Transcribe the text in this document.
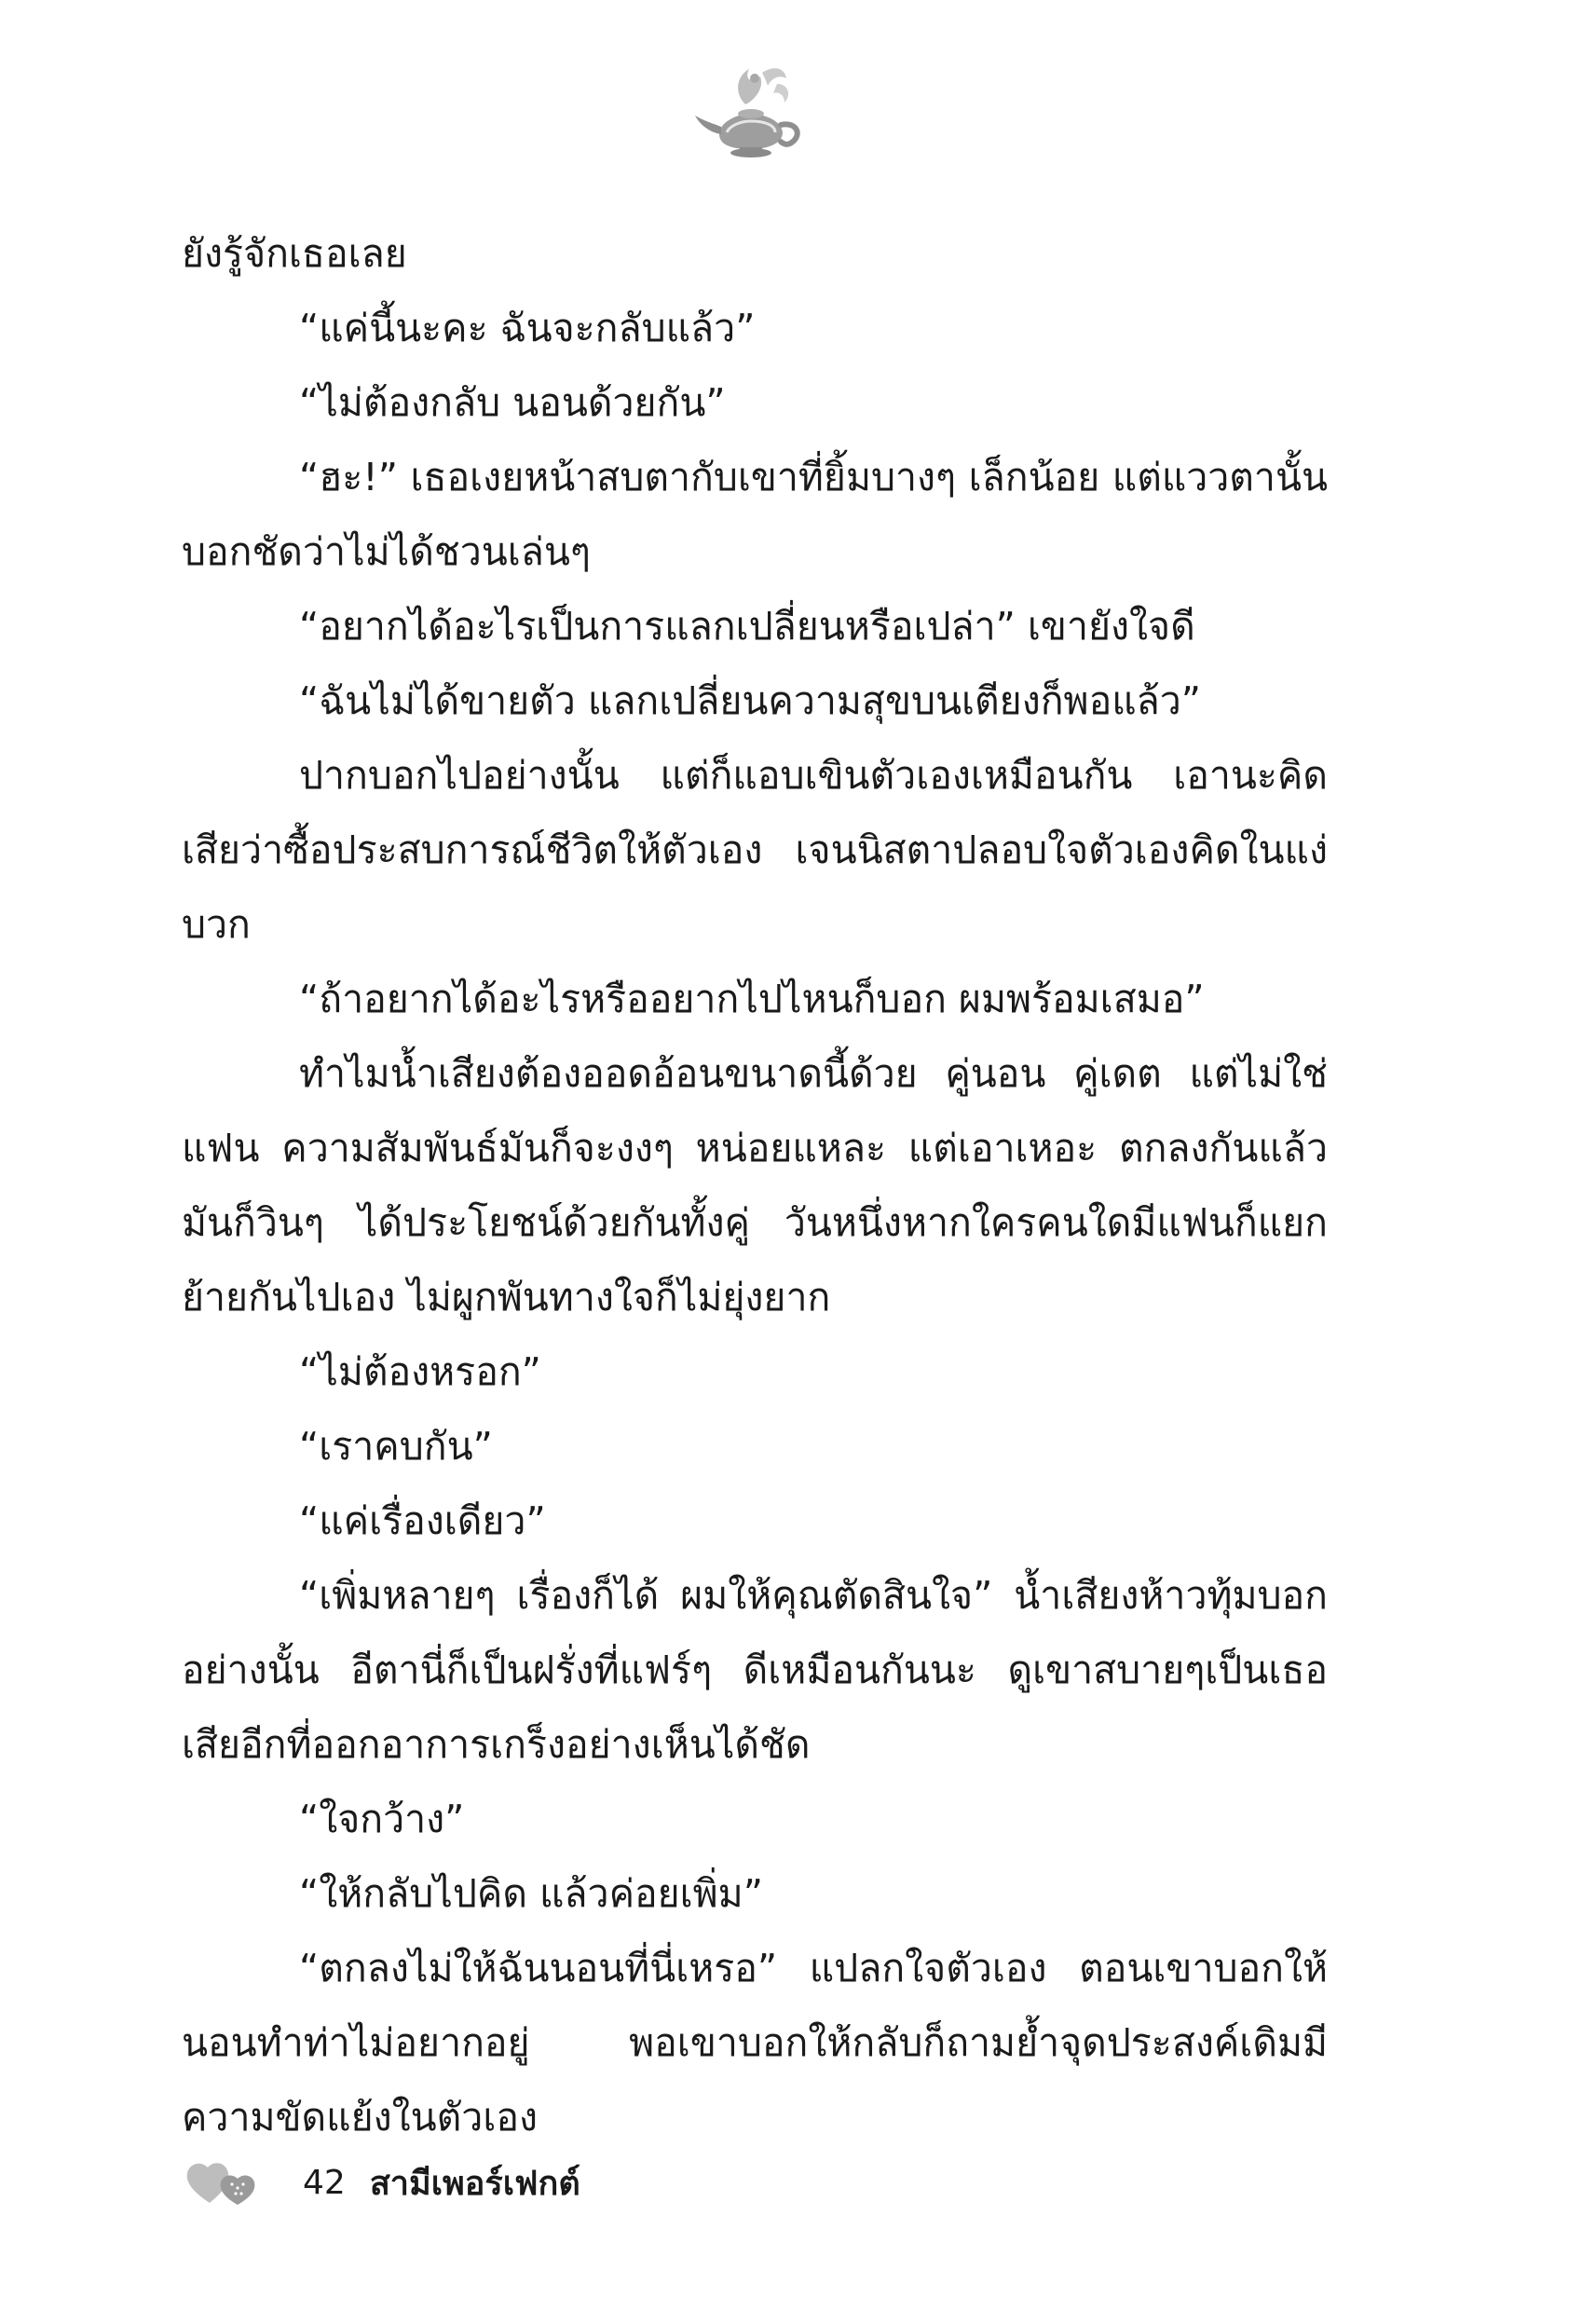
ยังรู้จักเธอเลย

“แค่นี้นะคะ ฉันจะกลับแล้ว”

“ไม่ต้องกลับ นอนด้วยกัน”

“ฮะ!” เธอเงยหน้าสบตากับเขาที่ยิ้มบางๆ เล็กน้อย แต่แววตานั้นบอกชัดว่าไม่ได้ชวนเล่นๆ

“อยากได้อะไรเป็นการแลกเปลี่ยนหรือเปล่า” เขายังใจดี

“ฉันไม่ได้ขายตัว แลกเปลี่ยนความสุขบนเตียงก็พอแล้ว”

ปากบอกไปอย่างนั้น แต่ก็แอบเขินตัวเองเหมือนกัน เอานะคิดเสียว่าซื้อประสบการณ์ชีวิตให้ตัวเอง เจนนิสตาปลอบใจตัวเองคิดในแง่บวก

“ถ้าอยากได้อะไรหรืออยากไปไหนก็บอก ผมพร้อมเสมอ”

ทำไมน้ำเสียงต้องออดอ้อนขนาดนี้ด้วย คู่นอน คู่เดต แต่ไม่ใช่แฟน ความสัมพันธ์มันก็จะงงๆ หน่อยแหละ แต่เอาเหอะ ตกลงกันแล้วมันก็วินๆ ได้ประโยชน์ด้วยกันทั้งคู่ วันหนึ่งหากใครคนใดมีแฟนก็แยกย้ายกันไปเอง ไม่ผูกพันทางใจก็ไม่ยุ่งยาก

“ไม่ต้องหรอก”

“เราคบกัน”

“แค่เรื่องเดียว”

“เพิ่มหลายๆ เรื่องก็ได้ ผมให้คุณตัดสินใจ” น้ำเสียงห้าวทุ้มบอกอย่างนั้น อีตานี่ก็เป็นฝรั่งที่แฟร์ๆ ดีเหมือนกันนะ ดูเขาสบายๆเป็นเธอเสียอีกที่ออกอาการเกร็งอย่างเห็นได้ชัด

“ใจกว้าง”

“ให้กลับไปคิด แล้วค่อยเพิ่ม”

“ตกลงไม่ให้ฉันนอนที่นี่เหรอ” แปลกใจตัวเอง ตอนเขาบอกให้นอนทำท่าไม่อยากอยู่ พอเขาบอกให้กลับก็ถามย้ำจุดประสงค์เดิมมีความขัดแย้งในตัวเอง

42 สามีเพอร์เฟกต์
